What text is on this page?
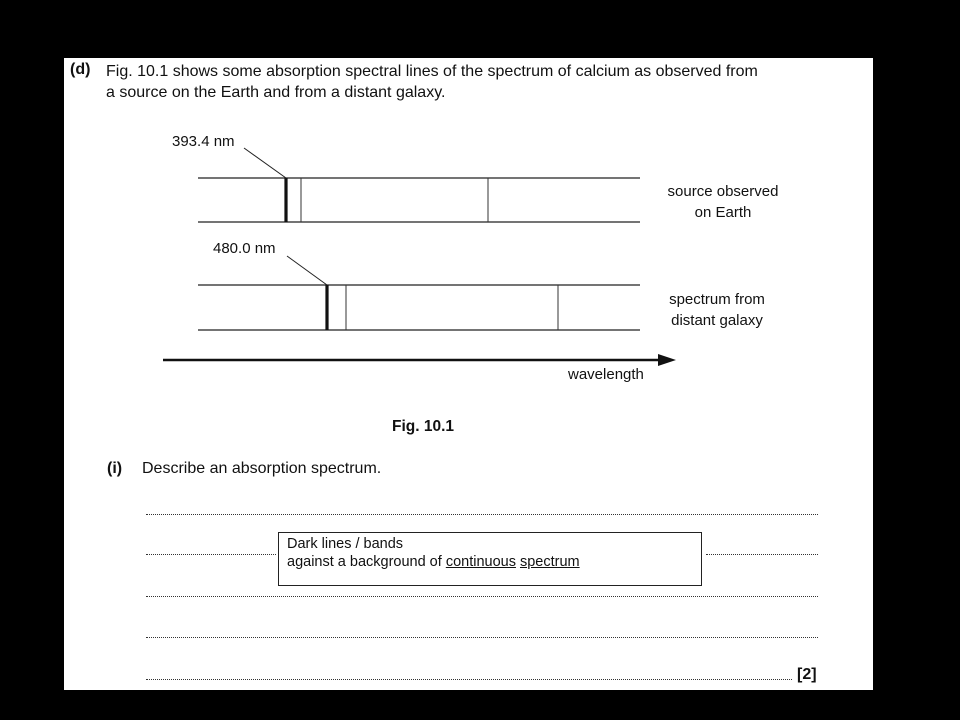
(d) Fig. 10.1 shows some absorption spectral lines of the spectrum of calcium as observed from
a source on the Earth and from a distant galaxy.
393.4 nm
source observed
on Earth
480.0 nm
spectrum from
distant galaxy
wavelength
Fig. 10.1
(i) Describe an absorption spectrum.
[2]
Dark lines / bands
against a background of continuous spectrum
